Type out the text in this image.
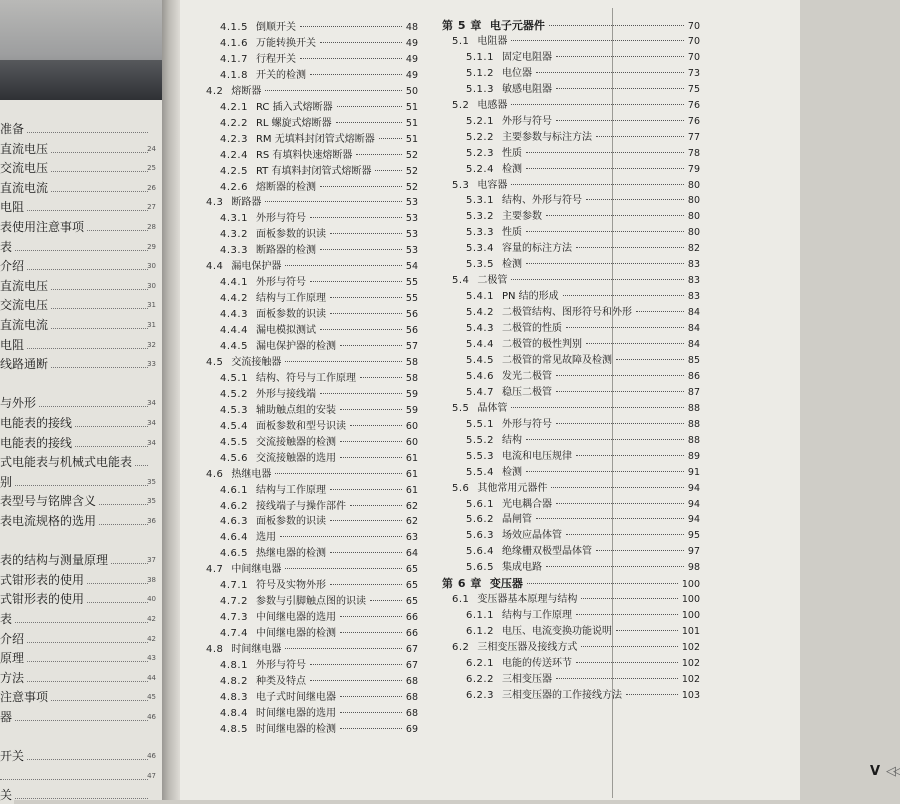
准备
直流电压	24
交流电压	25
直流电流	26
电阻	27
表使用注意事项	28
表	29
介绍	30
直流电压	30
交流电压	31
直流电流	31
电阻	32
线路通断	33
与外形	34
电能表的接线	34
电能表的接线	34
式电能表与机械式电能表
别	35
表型号与铭牌含义	35
表电流规格的选用	36
表的结构与测量原理	37
式钳形表的使用	38
式钳形表的使用	40
表	42
介绍	42
原理	43
方法	44
注意事项	45
器	46
开关	46
47
关
4.1.5 倒顺开关	48
4.1.6 万能转换开关	49
4.1.7 行程开关	49
4.1.8 开关的检测	49
4.2 熔断器	50
4.2.1 RC 插入式熔断器	51
4.2.2 RL 螺旋式熔断器	51
4.2.3 RM 无填料封闭管式熔断器	51
4.2.4 RS 有填料快速熔断器	52
4.2.5 RT 有填料封闭管式熔断器	52
4.2.6 熔断器的检测	52
4.3 断路器	53
4.3.1 外形与符号	53
4.3.2 面板参数的识读	53
4.3.3 断路器的检测	53
4.4 漏电保护器	54
4.4.1 外形与符号	55
4.4.2 结构与工作原理	55
4.4.3 面板参数的识读	56
4.4.4 漏电模拟测试	56
4.4.5 漏电保护器的检测	57
4.5 交流接触器	58
4.5.1 结构、符号与工作原理	58
4.5.2 外形与接线端	59
4.5.3 辅助触点组的安装	59
4.5.4 面板参数和型号识读	60
4.5.5 交流接触器的检测	60
4.5.6 交流接触器的选用	61
4.6 热继电器	61
4.6.1 结构与工作原理	61
4.6.2 接线端子与操作部件	62
4.6.3 面板参数的识读	62
4.6.4 选用	63
4.6.5 热继电器的检测	64
4.7 中间继电器	65
4.7.1 符号及实物外形	65
4.7.2 参数与引脚触点图的识读	65
4.7.3 中间继电器的选用	66
4.7.4 中间继电器的检测	66
4.8 时间继电器	67
4.8.1 外形与符号	67
4.8.2 种类及特点	68
4.8.3 电子式时间继电器	68
4.8.4 时间继电器的选用	68
4.8.5 时间继电器的检测	69
第 5 章 电子元器件	70
5.1 电阻器	70
5.1.1 固定电阻器	70
5.1.2 电位器	73
5.1.3 敏感电阻器	75
5.2 电感器	76
5.2.1 外形与符号	76
5.2.2 主要参数与标注方法	77
5.2.3 性质	78
5.2.4 检测	79
5.3 电容器	80
5.3.1 结构、外形与符号	80
5.3.2 主要参数	80
5.3.3 性质	80
5.3.4 容量的标注方法	82
5.3.5 检测	83
5.4 二极管	83
5.4.1 PN 结的形成	83
5.4.2 二极管结构、图形符号和外形	84
5.4.3 二极管的性质	84
5.4.4 二极管的极性判别	84
5.4.5 二极管的常见故障及检测	85
5.4.6 发光二极管	86
5.4.7 稳压二极管	87
5.5 晶体管	88
5.5.1 外形与符号	88
5.5.2 结构	88
5.5.3 电流和电压规律	89
5.5.4 检测	91
5.6 其他常用元器件	94
5.6.1 光电耦合器	94
5.6.2 晶闸管	94
5.6.3 场效应晶体管	95
5.6.4 绝缘栅双极型晶体管	97
5.6.5 集成电路	98
第 6 章 变压器	100
6.1 变压器基本原理与结构	100
6.1.1 结构与工作原理	100
6.1.2 电压、电流变换功能说明	101
6.2 三相变压器及接线方式	102
6.2.1 电能的传送环节	102
6.2.2 三相变压器	102
6.2.3 三相变压器的工作接线方法	103
V ◁◁
